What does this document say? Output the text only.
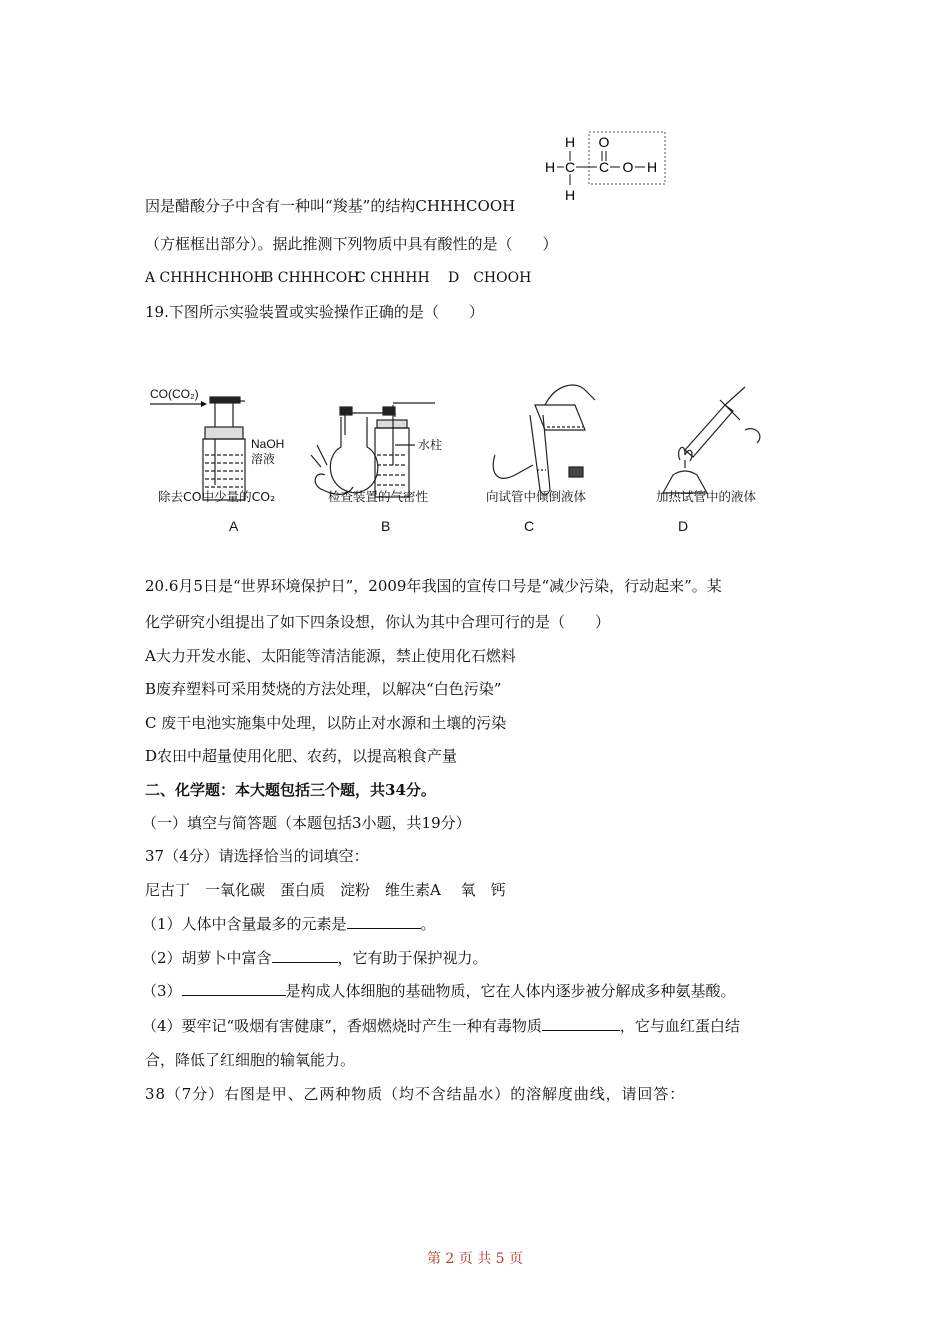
H O
H C C O H
H
因是醋酸分子中含有一种叫“羧基”的结构CHHHCOOH
（方框框出部分）。据此推测下列物质中具有酸性的是（　　）
A CHHHCHHOHB CHHHCOHC CHHHH D　CHOOH
19.下图所示实验装置或实验操作正确的是（　　）
CO(CO₂)
NaOH
溶液
水柱
除去CO中少量的CO₂	检查装置的气密性	向试管中倾倒液体	加热试管中的液体
A	B	C	D
20.6月5日是“世界环境保护日”，2009年我国的宣传口号是“减少污染，行动起来”。某
化学研究小组提出了如下四条设想，你认为其中合理可行的是（　　）
A大力开发水能、太阳能等清洁能源，禁止使用化石燃料
B废弃塑料可采用焚烧的方法处理，以解决“白色污染”
C 废干电池实施集中处理，以防止对水源和土壤的污染
D农田中超量使用化肥、农药，以提高粮食产量
二、化学题：本大题包括三个题，共34分。
（一）填空与简答题（本题包括3小题，共19分）
37（4分）请选择恰当的词填空：
尼古丁　一氧化碳　蛋白质　淀粉　维生素A　 氧　钙
（1）人体中含量最多的元素是	。
（2）胡萝卜中富含	，它有助于保护视力。
（3）	是构成人体细胞的基础物质，它在人体内逐步被分解成多种氨基酸。
（4）要牢记“吸烟有害健康”，香烟燃烧时产生一种有毒物质	，它与血红蛋白结
合，降低了红细胞的输氧能力。
38（7分）右图是甲、乙两种物质（均不含结晶水）的溶解度曲线，请回答：
第 2 页 共 5 页
